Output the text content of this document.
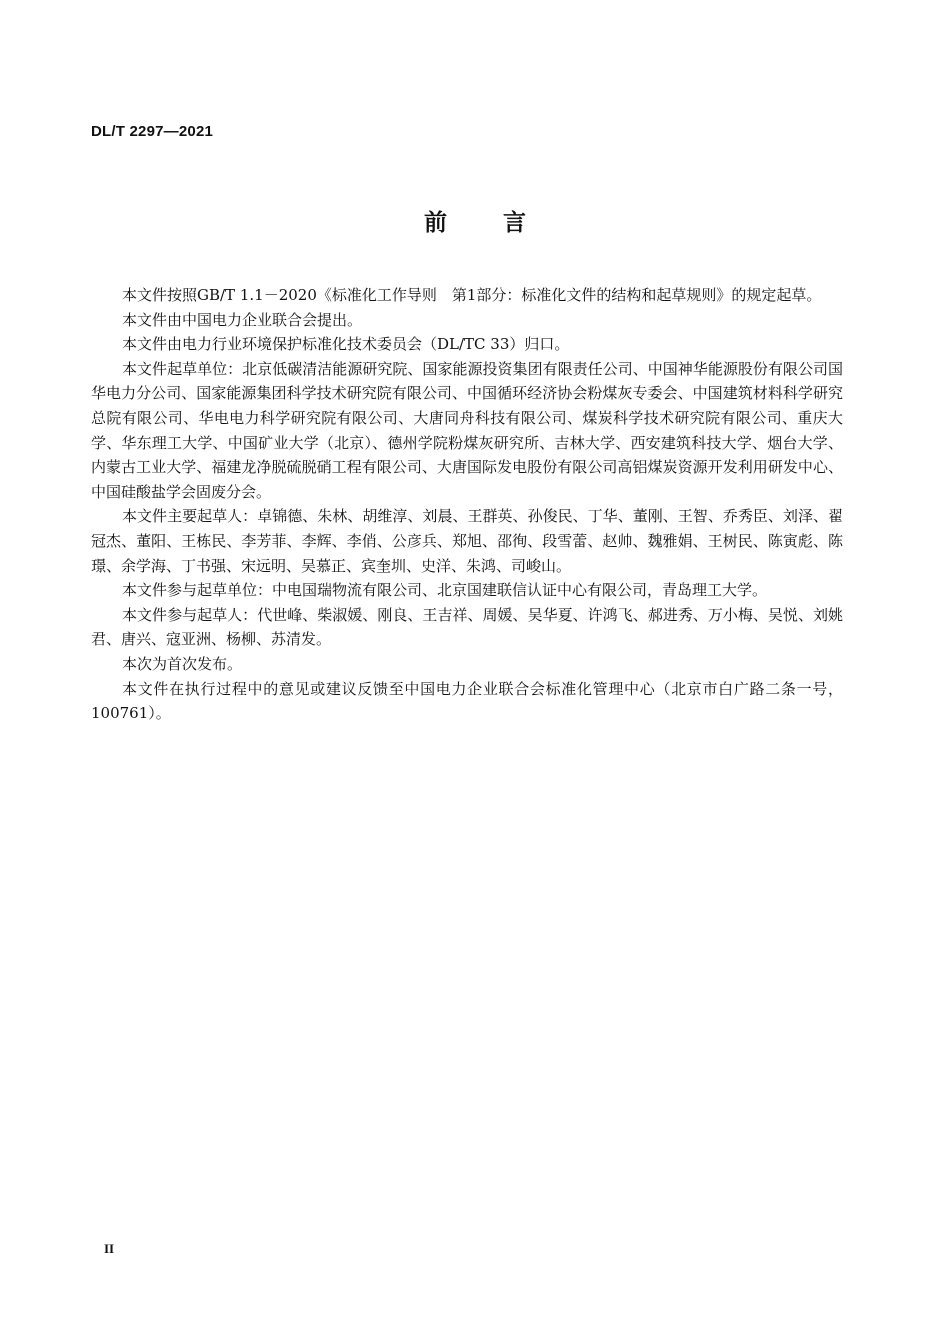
DL/T 2297—2021
前言

本文件按照GB/T 1.1－2020《标准化工作导则　第1部分：标准化文件的结构和起草规则》的规定起草。

本文件由中国电力企业联合会提出。

本文件由电力行业环境保护标准化技术委员会（DL/TC 33）归口。

本文件起草单位：北京低碳清洁能源研究院、国家能源投资集团有限责任公司、中国神华能源股份有限公司国华电力分公司、国家能源集团科学技术研究院有限公司、中国循环经济协会粉煤灰专委会、中国建筑材料科学研究总院有限公司、华电电力科学研究院有限公司、大唐同舟科技有限公司、煤炭科学技术研究院有限公司、重庆大学、华东理工大学、中国矿业大学（北京）、德州学院粉煤灰研究所、吉林大学、西安建筑科技大学、烟台大学、内蒙古工业大学、福建龙净脱硫脱硝工程有限公司、大唐国际发电股份有限公司高铝煤炭资源开发利用研发中心、中国硅酸盐学会固废分会。

本文件主要起草人：卓锦德、朱林、胡维淳、刘晨、王群英、孙俊民、丁华、董刚、王智、乔秀臣、刘泽、翟冠杰、董阳、王栋民、李芳菲、李辉、李俏、公彦兵、郑旭、邵徇、段雪蕾、赵帅、魏雅娟、王树民、陈寅彪、陈璟、余学海、丁书强、宋远明、吴慕正、宾奎圳、史洋、朱鸿、司峻山。

本文件参与起草单位：中电国瑞物流有限公司、北京国建联信认证中心有限公司，青岛理工大学。

本文件参与起草人：代世峰、柴淑媛、刚良、王吉祥、周媛、吴华夏、许鸿飞、郝进秀、万小梅、吴悦、刘姚君、唐兴、寇亚洲、杨柳、苏清发。

本次为首次发布。

本文件在执行过程中的意见或建议反馈至中国电力企业联合会标准化管理中心（北京市白广路二条一号，100761）。

II
